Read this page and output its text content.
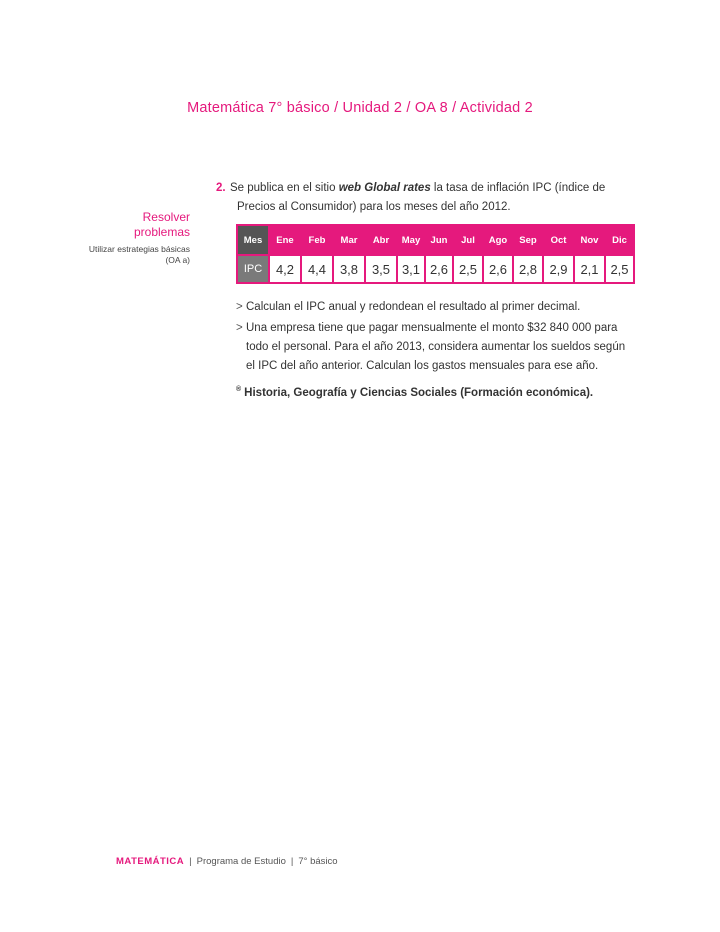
Matemática 7° básico / Unidad 2 / OA 8 / Actividad 2

Resolver

problemas

Utilizar estrategias básicas
(OA a)
2. Se publica en el sitio web Global rates la tasa de inflación IPC (índice de
Precios al Consumidor) para los meses del año 2012.
Mes	Ene	Feb	Mar	Abr	May	Jun	Jul	Ago	Sep	Oct	Nov	Dic
IPC	4,2	4,4	3,8	3,5	3,1	2,6	2,5	2,6	2,8	2,9	2,1	2,5
> Calculan el IPC anual y redondean el resultado al primer decimal.
> Una empresa tiene que pagar mensualmente el monto $32 840 000 para
todo el personal. Para el año 2013, considera aumentar los sueldos según
el IPC del año anterior. Calculan los gastos mensuales para ese año.
® Historia, Geografía y Ciencias Sociales (Formación económica).
MATEMÁTICA | Programa de Estudio | 7° básico
